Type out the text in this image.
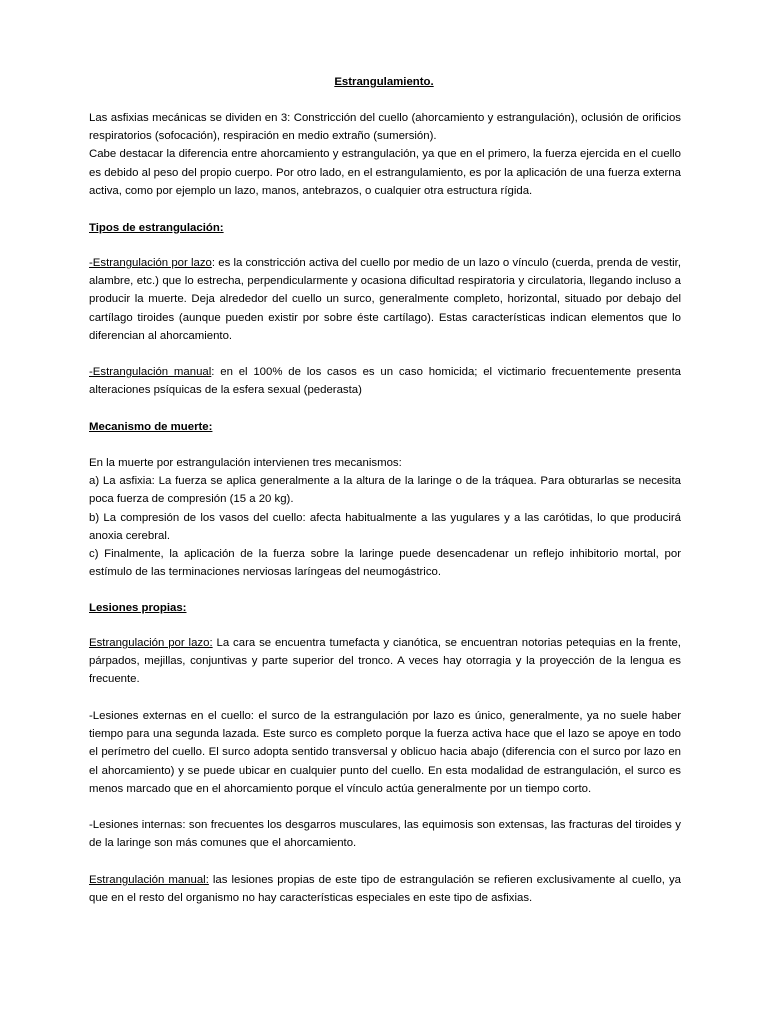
Estrangulamiento.

Las asfixias mecánicas se dividen en 3: Constricción del cuello (ahorcamiento y estrangulación), oclusión de orificios respiratorios (sofocación), respiración en medio extraño (sumersión).

Cabe destacar la diferencia entre ahorcamiento y estrangulación, ya que en el primero, la fuerza ejercida en el cuello es debido al peso del propio cuerpo. Por otro lado, en el estrangulamiento, es por la aplicación de una fuerza externa activa, como por ejemplo un lazo, manos, antebrazos, o cualquier otra estructura rígida.

Tipos de estrangulación:

-Estrangulación por lazo: es la constricción activa del cuello por medio de un lazo o vínculo (cuerda, prenda de vestir, alambre, etc.) que lo estrecha, perpendicularmente y ocasiona dificultad respiratoria y circulatoria, llegando incluso a producir la muerte. Deja alrededor del cuello un surco, generalmente completo, horizontal, situado por debajo del cartílago tiroides (aunque pueden existir por sobre éste cartílago). Estas características indican elementos que lo diferencian al ahorcamiento.

-Estrangulación manual: en el 100% de los casos es un caso homicida; el victimario frecuentemente presenta alteraciones psíquicas de la esfera sexual (pederasta)

Mecanismo de muerte:

En la muerte por estrangulación intervienen tres mecanismos:

a) La asfixia: La fuerza se aplica generalmente a la altura de la laringe o de la tráquea. Para obturarlas se necesita poca fuerza de compresión (15 a 20 kg).

b) La compresión de los vasos del cuello: afecta habitualmente a las yugulares y a las carótidas, lo que producirá anoxia cerebral.

c) Finalmente, la aplicación de la fuerza sobre la laringe puede desencadenar un reflejo inhibitorio mortal, por estímulo de las terminaciones nerviosas laríngeas del neumogástrico.

Lesiones propias:

Estrangulación por lazo: La cara se encuentra tumefacta y cianótica, se encuentran notorias petequias en la frente, párpados, mejillas, conjuntivas y parte superior del tronco. A veces hay otorragia y la proyección de la lengua es frecuente.

-Lesiones externas en el cuello: el surco de la estrangulación por lazo es único, generalmente, ya no suele haber tiempo para una segunda lazada. Este surco es completo porque la fuerza activa hace que el lazo se apoye en todo el perímetro del cuello. El surco adopta sentido transversal y oblicuo hacia abajo (diferencia con el surco por lazo en el ahorcamiento) y se puede ubicar en cualquier punto del cuello. En esta modalidad de estrangulación, el surco es menos marcado que en el ahorcamiento porque el vínculo actúa generalmente por un tiempo corto.
-Lesiones internas: son frecuentes los desgarros musculares, las equimosis son extensas, las fracturas del tiroides y de la laringe son más comunes que el ahorcamiento.

Estrangulación manual: las lesiones propias de este tipo de estrangulación se refieren exclusivamente al cuello, ya que en el resto del organismo no hay características especiales en este tipo de asfixias.
